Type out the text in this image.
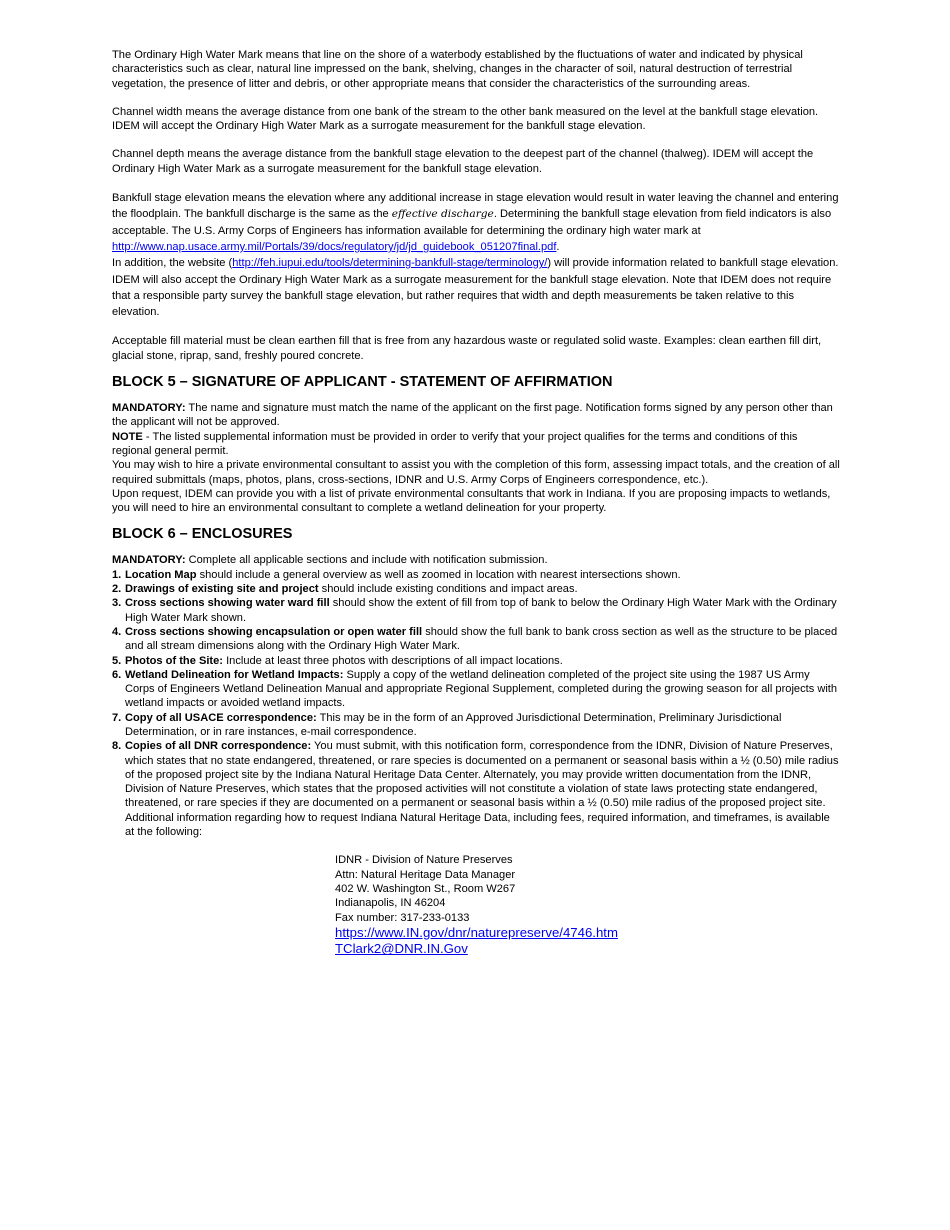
The Ordinary High Water Mark means that line on the shore of a waterbody established by the fluctuations of water and indicated by physical characteristics such as clear, natural line impressed on the bank, shelving, changes in the character of soil, natural destruction of terrestrial vegetation, the presence of litter and debris, or other appropriate means that consider the characteristics of the surrounding areas.

Channel width means the average distance from one bank of the stream to the other bank measured on the level at the bankfull stage elevation.

IDEM will accept the Ordinary High Water Mark as a surrogate measurement for the bankfull stage elevation.

Channel depth means the average distance from the bankfull stage elevation to the deepest part of the channel (thalweg). IDEM will accept the Ordinary High Water Mark as a surrogate measurement for the bankfull stage elevation.

Bankfull stage elevation means the elevation where any additional increase in stage elevation would result in water leaving the channel and entering the floodplain. The bankfull discharge is the same as the effective discharge. Determining the bankfull stage elevation from field indicators is also acceptable. The U.S. Army Corps of Engineers has information available for determining the ordinary high water mark at http://www.nap.usace.army.mil/Portals/39/docs/regulatory/jd/jd_guidebook_051207final.pdf.

In addition, the website (http://feh.iupui.edu/tools/determining-bankfull-stage/terminology/) will provide information related to bankfull stage elevation. IDEM will also accept the Ordinary High Water Mark as a surrogate measurement for the bankfull stage elevation. Note that IDEM does not require that a responsible party survey the bankfull stage elevation, but rather requires that width and depth measurements be taken relative to this elevation.

Acceptable fill material must be clean earthen fill that is free from any hazardous waste or regulated solid waste. Examples: clean earthen fill dirt, glacial stone, riprap, sand, freshly poured concrete.

BLOCK 5 – SIGNATURE OF APPLICANT - STATEMENT OF AFFIRMATION

MANDATORY: The name and signature must match the name of the applicant on the first page. Notification forms signed by any person other than the applicant will not be approved.

NOTE - The listed supplemental information must be provided in order to verify that your project qualifies for the terms and conditions of this regional general permit.

You may wish to hire a private environmental consultant to assist you with the completion of this form, assessing impact totals, and the creation of all required submittals (maps, photos, plans, cross-sections, IDNR and U.S. Army Corps of Engineers correspondence, etc.).

Upon request, IDEM can provide you with a list of private environmental consultants that work in Indiana. If you are proposing impacts to wetlands, you will need to hire an environmental consultant to complete a wetland delineation for your property.

BLOCK 6 – ENCLOSURES

MANDATORY: Complete all applicable sections and include with notification submission.

1. Location Map should include a general overview as well as zoomed in location with nearest intersections shown.
2. Drawings of existing site and project should include existing conditions and impact areas.
3. Cross sections showing water ward fill should show the extent of fill from top of bank to below the Ordinary High Water Mark with the Ordinary High Water Mark shown.
4. Cross sections showing encapsulation or open water fill should show the full bank to bank cross section as well as the structure to be placed and all stream dimensions along with the Ordinary High Water Mark.
5. Photos of the Site: Include at least three photos with descriptions of all impact locations.
6. Wetland Delineation for Wetland Impacts: Supply a copy of the wetland delineation completed of the project site using the 1987 US Army Corps of Engineers Wetland Delineation Manual and appropriate Regional Supplement, completed during the growing season for all projects with wetland impacts or avoided wetland impacts.
7. Copy of all USACE correspondence: This may be in the form of an Approved Jurisdictional Determination, Preliminary Jurisdictional Determination, or in rare instances, e-mail correspondence.
8. Copies of all DNR correspondence: You must submit, with this notification form, correspondence from the IDNR, Division of Nature Preserves, which states that no state endangered, threatened, or rare species is documented on a permanent or seasonal basis within a ½ (0.50) mile radius of the proposed project site by the Indiana Natural Heritage Data Center. Alternately, you may provide written documentation from the IDNR, Division of Nature Preserves, which states that the proposed activities will not constitute a violation of state laws protecting state endangered, threatened, or rare species if they are documented on a permanent or seasonal basis within a ½ (0.50) mile radius of the proposed project site. Additional information regarding how to request Indiana Natural Heritage Data, including fees, required information, and timeframes, is available at the following:

IDNR - Division of Nature Preserves

Attn: Natural Heritage Data Manager

402 W. Washington St., Room W267

Indianapolis, IN 46204

Fax number: 317-233-0133

https://www.IN.gov/dnr/naturepreserve/4746.htm
TClark2@DNR.IN.Gov
